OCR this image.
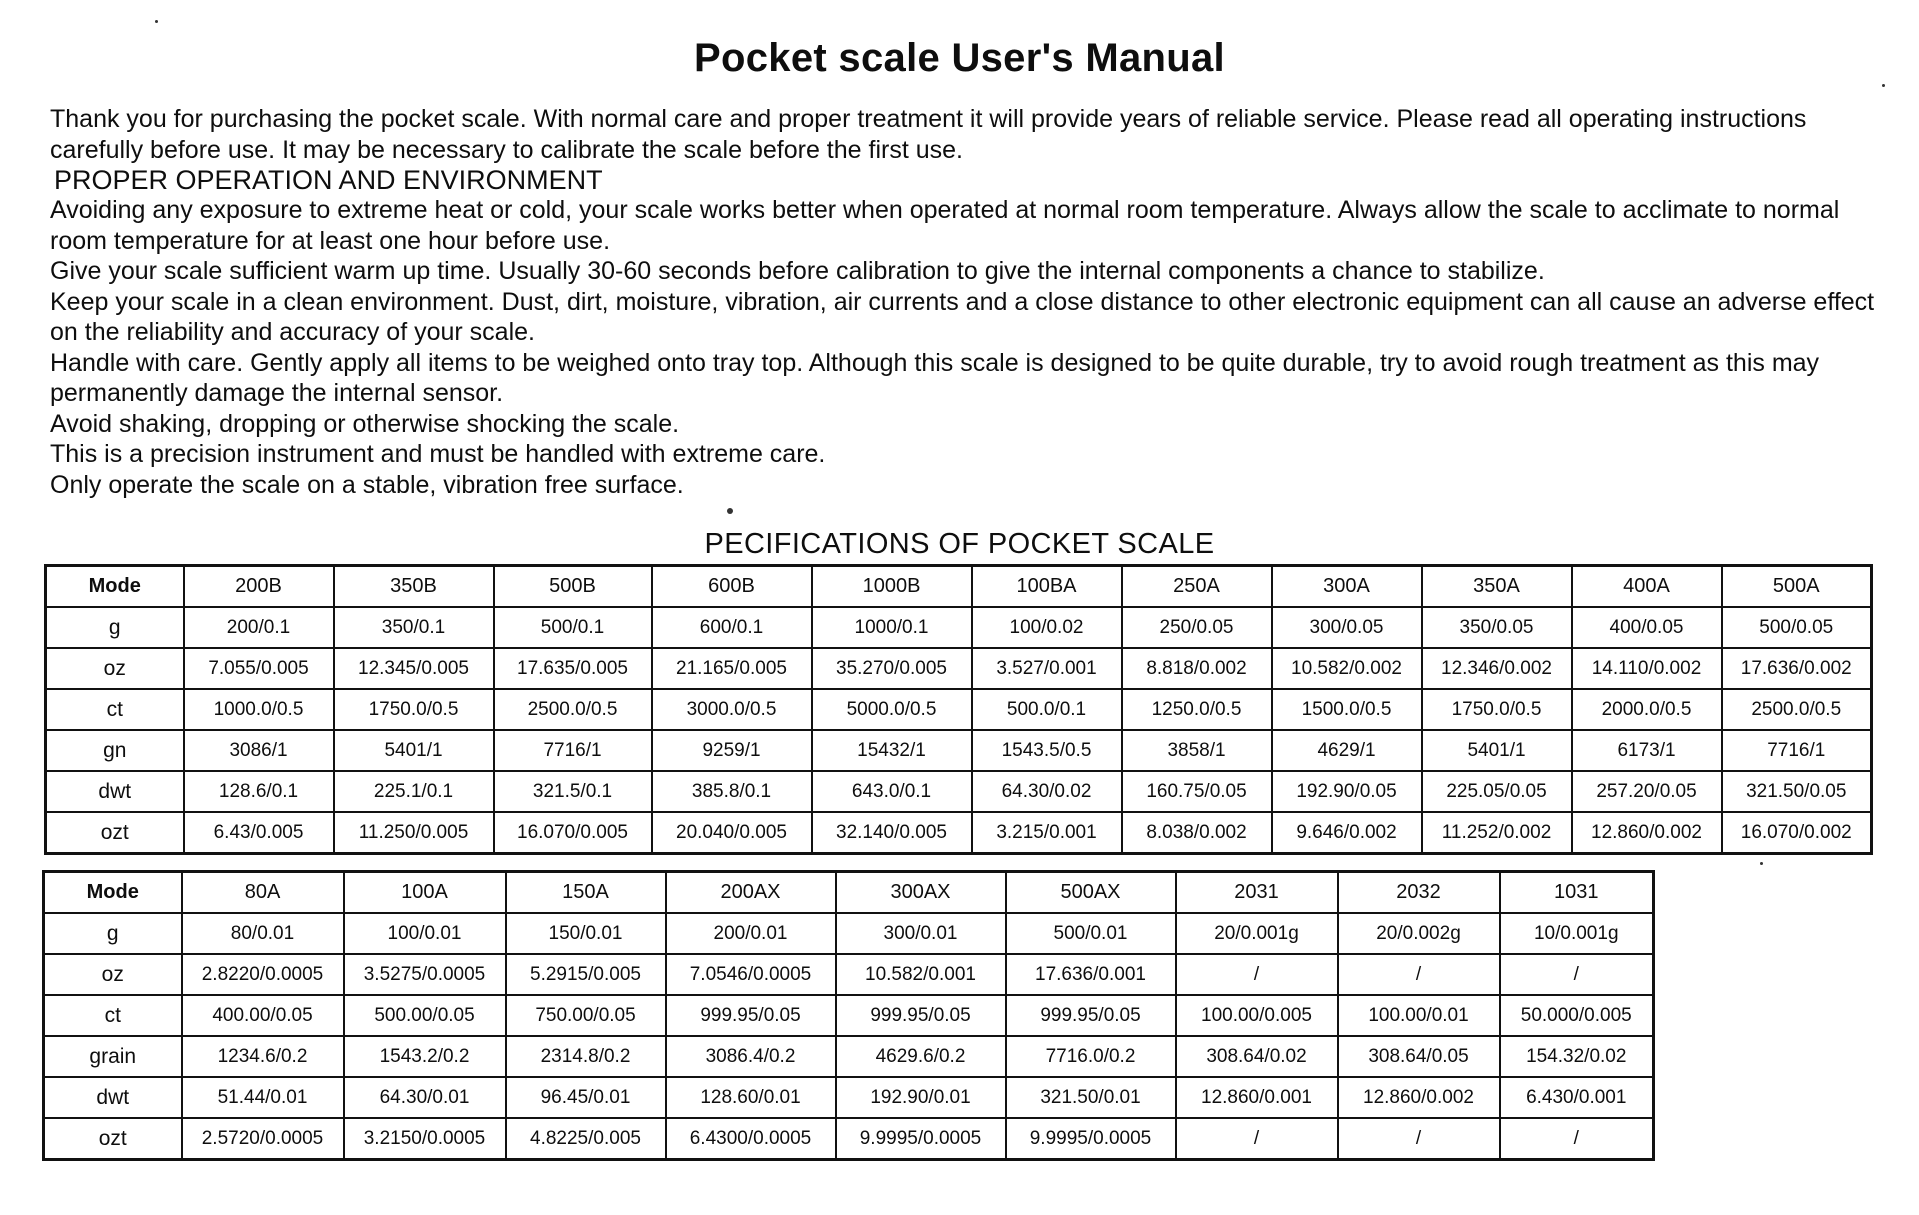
Pocket scale User's Manual

Thank you for purchasing the pocket scale. With normal care and proper treatment it will provide years of reliable service. Please read all operating instructions carefully before use. It may be necessary to calibrate the scale before the first use.

PROPER OPERATION AND ENVIRONMENT

Avoiding any exposure to extreme heat or cold, your scale works better when operated at normal room temperature. Always allow the scale to acclimate to normal room temperature for at least one hour before use.

Give your scale sufficient warm up time. Usually 30-60 seconds before calibration to give the internal components a chance to stabilize.

Keep your scale in a clean environment. Dust, dirt, moisture, vibration, air currents and a close distance to other electronic equipment can all cause an adverse effect on the reliability and accuracy of your scale.

Handle with care. Gently apply all items to be weighed onto tray top. Although this scale is designed to be quite durable, try to avoid rough treatment as this may permanently damage the internal sensor.

Avoid shaking, dropping or otherwise shocking the scale.

This is a precision instrument and must be handled with extreme care.

Only operate the scale on a stable, vibration free surface.

PECIFICATIONS OF POCKET SCALE
Mode	200B	350B	500B	600B	1000B	100BA	250A	300A	350A	400A	500A
g	200/0.1	350/0.1	500/0.1	600/0.1	1000/0.1	100/0.02	250/0.05	300/0.05	350/0.05	400/0.05	500/0.05
oz	7.055/0.005	12.345/0.005	17.635/0.005	21.165/0.005	35.270/0.005	3.527/0.001	8.818/0.002	10.582/0.002	12.346/0.002	14.110/0.002	17.636/0.002
ct	1000.0/0.5	1750.0/0.5	2500.0/0.5	3000.0/0.5	5000.0/0.5	500.0/0.1	1250.0/0.5	1500.0/0.5	1750.0/0.5	2000.0/0.5	2500.0/0.5
gn	3086/1	5401/1	7716/1	9259/1	15432/1	1543.5/0.5	3858/1	4629/1	5401/1	6173/1	7716/1
dwt	128.6/0.1	225.1/0.1	321.5/0.1	385.8/0.1	643.0/0.1	64.30/0.02	160.75/0.05	192.90/0.05	225.05/0.05	257.20/0.05	321.50/0.05
ozt	6.43/0.005	11.250/0.005	16.070/0.005	20.040/0.005	32.140/0.005	3.215/0.001	8.038/0.002	9.646/0.002	11.252/0.002	12.860/0.002	16.070/0.002
Mode	80A	100A	150A	200AX	300AX	500AX	2031	2032	1031
g	80/0.01	100/0.01	150/0.01	200/0.01	300/0.01	500/0.01	20/0.001g	20/0.002g	10/0.001g
oz	2.8220/0.0005	3.5275/0.0005	5.2915/0.005	7.0546/0.0005	10.582/0.001	17.636/0.001	/	/	/
ct	400.00/0.05	500.00/0.05	750.00/0.05	999.95/0.05	999.95/0.05	999.95/0.05	100.00/0.005	100.00/0.01	50.000/0.005
grain	1234.6/0.2	1543.2/0.2	2314.8/0.2	3086.4/0.2	4629.6/0.2	7716.0/0.2	308.64/0.02	308.64/0.05	154.32/0.02
dwt	51.44/0.01	64.30/0.01	96.45/0.01	128.60/0.01	192.90/0.01	321.50/0.01	12.860/0.001	12.860/0.002	6.430/0.001
ozt	2.5720/0.0005	3.2150/0.0005	4.8225/0.005	6.4300/0.0005	9.9995/0.0005	9.9995/0.0005	/	/	/
